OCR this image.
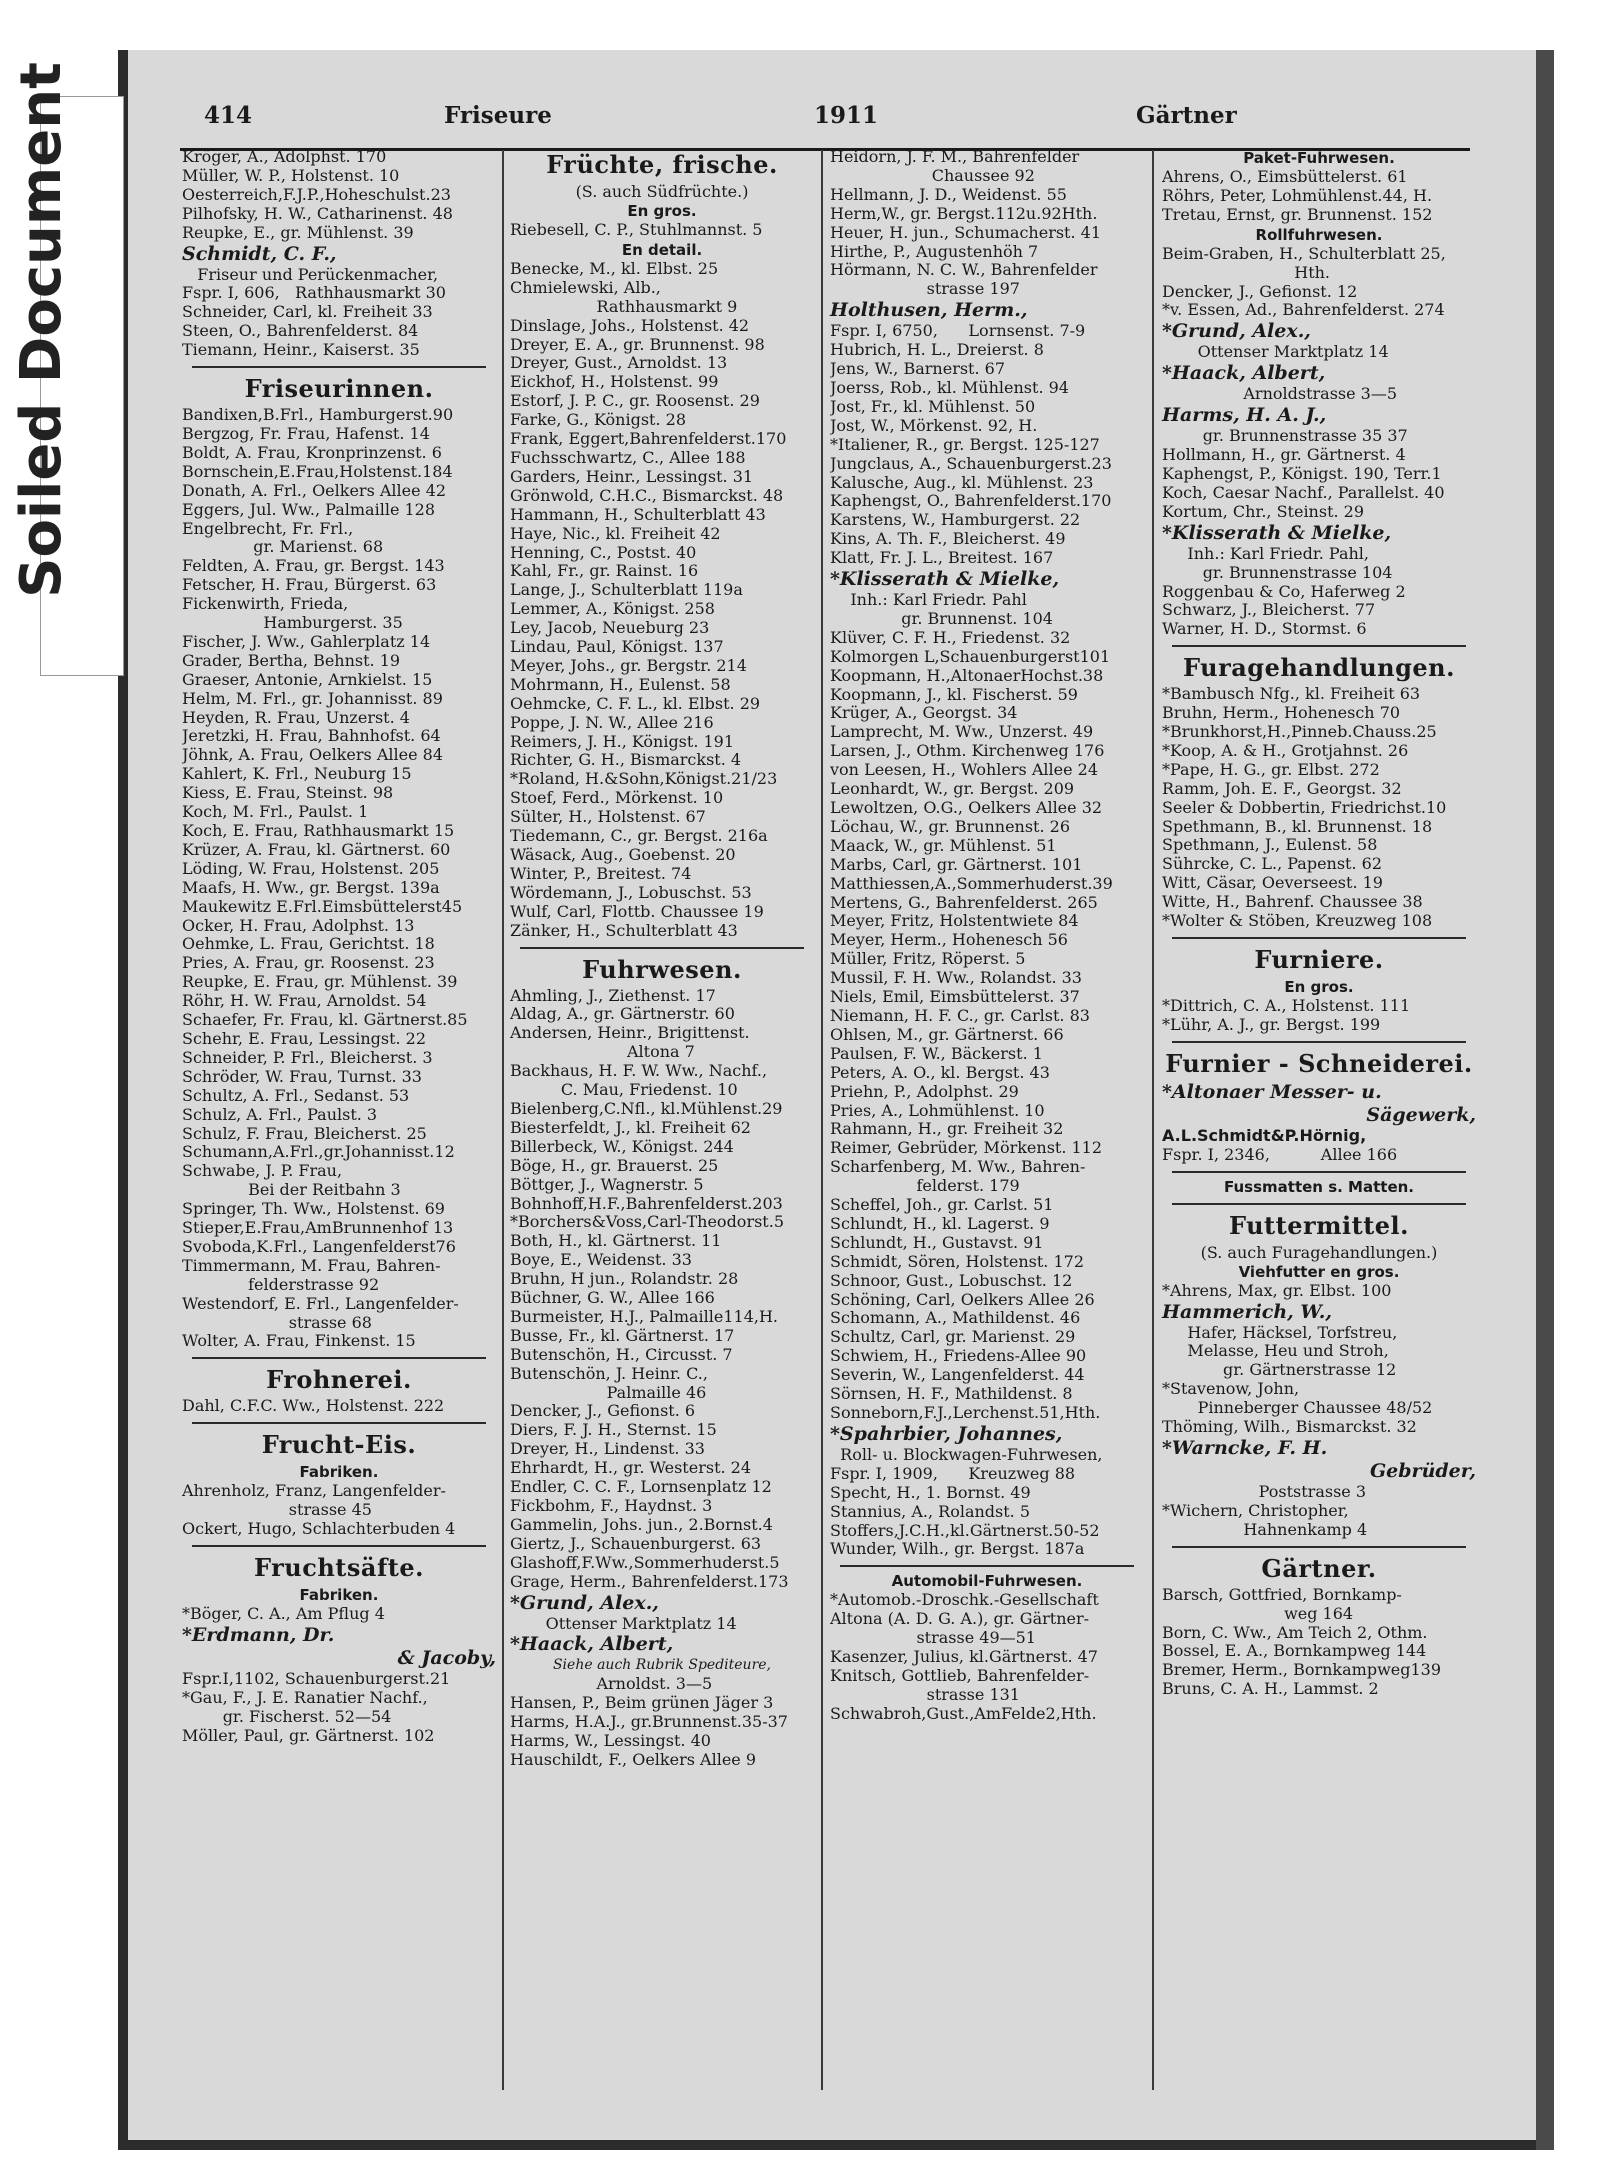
Soiled Document	414	Friseure	1911	Gärtner
Kröger, A., Adolphst. 170
Müller, W. P., Holstenst. 10
Oesterreich,F.J.P.,Hoheschulst.23
Pilhofsky, H. W., Catharinenst. 48
Reupke, E., gr. Mühlenst. 39
Schmidt, C. F.,
Friseur und Perückenmacher,
Fspr. I, 606,   Rathhausmarkt 30
Schneider, Carl, kl. Freiheit 33
Steen, O., Bahrenfelderst. 84
Tiemann, Heinr., Kaiserst. 35
Friseurinnen.
Bandixen,B.Frl., Hamburgerst.90
Bergzog, Fr. Frau, Hafenst. 14
Boldt, A. Frau, Kronprinzenst. 6
Bornschein,E.Frau,Holstenst.184
Donath, A. Frl., Oelkers Allee 42
Eggers, Jul. Ww., Palmaille 128
Engelbrecht, Fr. Frl.,
gr. Marienst. 68
Feldten, A. Frau, gr. Bergst. 143
Fetscher, H. Frau, Bürgerst. 63
Fickenwirth, Frieda,
Hamburgerst. 35
Fischer, J. Ww., Gahlerplatz 14
Grader, Bertha, Behnst. 19
Graeser, Antonie, Arnkielst. 15
Helm, M. Frl., gr. Johannisst. 89
Heyden, R. Frau, Unzerst. 4
Jeretzki, H. Frau, Bahnhofst. 64
Jöhnk, A. Frau, Oelkers Allee 84
Kahlert, K. Frl., Neuburg 15
Kiess, E. Frau, Steinst. 98
Koch, M. Frl., Paulst. 1
Koch, E. Frau, Rathhausmarkt 15
Krüzer, A. Frau, kl. Gärtnerst. 60
Löding, W. Frau, Holstenst. 205
Maafs, H. Ww., gr. Bergst. 139a
Maukewitz E.Frl.Eimsbüttelerst45
Ocker, H. Frau, Adolphst. 13
Oehmke, L. Frau, Gerichtst. 18
Pries, A. Frau, gr. Roosenst. 23
Reupke, E. Frau, gr. Mühlenst. 39
Röhr, H. W. Frau, Arnoldst. 54
Schaefer, Fr. Frau, kl. Gärtnerst.85
Schehr, E. Frau, Lessingst. 22
Schneider, P. Frl., Bleicherst. 3
Schröder, W. Frau, Turnst. 33
Schultz, A. Frl., Sedanst. 53
Schulz, A. Frl., Paulst. 3
Schulz, F. Frau, Bleicherst. 25
Schumann,A.Frl.,gr.Johannisst.12
Schwabe, J. P. Frau,
Bei der Reitbahn 3
Springer, Th. Ww., Holstenst. 69
Stieper,E.Frau,AmBrunnenhof 13
Svoboda,K.Frl., Langenfelderst76
Timmermann, M. Frau, Bahren-
felderstrasse 92
Westendorf, E. Frl., Langenfelder-
strasse 68
Wolter, A. Frau, Finkenst. 15
Frohnerei.
Dahl, C.F.C. Ww., Holstenst. 222
Frucht-Eis.
Fabriken.
Ahrenholz, Franz, Langenfelder-
strasse 45
Ockert, Hugo, Schlachterbuden 4
Fruchtsäfte.
Fabriken.
*Böger, C. A., Am Pflug 4
*Erdmann, Dr.
& Jacoby,
Fspr.I,1102, Schauenburgerst.21
*Gau, F., J. E. Ranatier Nachf.,
gr. Fischerst. 52—54
Möller, Paul, gr. Gärtnerst. 102
Früchte, frische.
(S. auch Südfrüchte.)
En gros.
Riebesell, C. P., Stuhlmannst. 5
En detail.
Benecke, M., kl. Elbst. 25
Chmielewski, Alb.,
Rathhausmarkt 9
Dinslage, Johs., Holstenst. 42
Dreyer, E. A., gr. Brunnenst. 98
Dreyer, Gust., Arnoldst. 13
Eickhof, H., Holstenst. 99
Estorf, J. P. C., gr. Roosenst. 29
Farke, G., Königst. 28
Frank, Eggert,Bahrenfelderst.170
Fuchsschwartz, C., Allee 188
Garders, Heinr., Lessingst. 31
Grönwold, C.H.C., Bismarckst. 48
Hammann, H., Schulterblatt 43
Haye, Nic., kl. Freiheit 42
Henning, C., Postst. 40
Kahl, Fr., gr. Rainst. 16
Lange, J., Schulterblatt 119a
Lemmer, A., Königst. 258
Ley, Jacob, Neueburg 23
Lindau, Paul, Königst. 137
Meyer, Johs., gr. Bergstr. 214
Mohrmann, H., Eulenst. 58
Oehmcke, C. F. L., kl. Elbst. 29
Poppe, J. N. W., Allee 216
Reimers, J. H., Königst. 191
Richter, G. H., Bismarckst. 4
*Roland, H.&Sohn,Königst.21/23
Stoef, Ferd., Mörkenst. 10
Sülter, H., Holstenst. 67
Tiedemann, C., gr. Bergst. 216a
Wäsack, Aug., Goebenst. 20
Winter, P., Breitest. 74
Wördemann, J., Lobuschst. 53
Wulf, Carl, Flottb. Chaussee 19
Zänker, H., Schulterblatt 43
Fuhrwesen.
Ahmling, J., Ziethenst. 17
Aldag, A., gr. Gärtnerstr. 60
Andersen, Heinr., Brigittenst.
Altona 7
Backhaus, H. F. W. Ww., Nachf.,
C. Mau, Friedenst. 10
Bielenberg,C.Nfl., kl.Mühlenst.29
Biesterfeldt, J., kl. Freiheit 62
Billerbeck, W., Königst. 244
Böge, H., gr. Brauerst. 25
Böttger, J., Wagnerstr. 5
Bohnhoff,H.F.,Bahrenfelderst.203
*Borchers&Voss,Carl-Theodorst.5
Both, H., kl. Gärtnerst. 11
Boye, E., Weidenst. 33
Bruhn, H jun., Rolandstr. 28
Büchner, G. W., Allee 166
Burmeister, H.J., Palmaille114,H.
Busse, Fr., kl. Gärtnerst. 17
Butenschön, H., Circusst. 7
Butenschön, J. Heinr. C.,
Palmaille 46
Dencker, J., Gefionst. 6
Diers, F. J. H., Sternst. 15
Dreyer, H., Lindenst. 33
Ehrhardt, H., gr. Westerst. 24
Endler, C. C. F., Lornsenplatz 12
Fickbohm, F., Haydnst. 3
Gammelin, Johs. jun., 2.Bornst.4
Giertz, J., Schauenburgerst. 63
Glashoff,F.Ww.,Sommerhuderst.5
Grage, Herm., Bahrenfelderst.173
*Grund, Alex.,
Ottenser Marktplatz 14
*Haack, Albert,
Siehe auch Rubrik Spediteure,
Arnoldst. 3—5
Hansen, P., Beim grünen Jäger 3
Harms, H.A.J., gr.Brunnenst.35-37
Harms, W., Lessingst. 40
Hauschildt, F., Oelkers Allee 9
Heidorn, J. F. M., Bahrenfelder
Chaussee 92
Hellmann, J. D., Weidenst. 55
Herm,W., gr. Bergst.112u.92Hth.
Heuer, H. jun., Schumacherst. 41
Hirthe, P., Augustenhöh 7
Hörmann, N. C. W., Bahrenfelder
strasse 197
Holthusen, Herm.,
Fspr. I, 6750,      Lornsenst. 7-9
Hubrich, H. L., Dreierst. 8
Jens, W., Barnerst. 67
Joerss, Rob., kl. Mühlenst. 94
Jost, Fr., kl. Mühlenst. 50
Jost, W., Mörkenst. 92, H.
*Italiener, R., gr. Bergst. 125-127
Jungclaus, A., Schauenburgerst.23
Kalusche, Aug., kl. Mühlenst. 23
Kaphengst, O., Bahrenfelderst.170
Karstens, W., Hamburgerst. 22
Kins, A. Th. F., Bleicherst. 49
Klatt, Fr. J. L., Breitest. 167
*Klisserath & Mielke,
Inh.: Karl Friedr. Pahl
gr. Brunnenst. 104
Klüver, C. F. H., Friedenst. 32
Kolmorgen L,Schauenburgerst101
Koopmann, H.,AltonaerHochst.38
Koopmann, J., kl. Fischerst. 59
Krüger, A., Georgst. 34
Lamprecht, M. Ww., Unzerst. 49
Larsen, J., Othm. Kirchenweg 176
von Leesen, H., Wohlers Allee 24
Leonhardt, W., gr. Bergst. 209
Lewoltzen, O.G., Oelkers Allee 32
Löchau, W., gr. Brunnenst. 26
Maack, W., gr. Mühlenst. 51
Marbs, Carl, gr. Gärtnerst. 101
Matthiessen,A.,Sommerhuderst.39
Mertens, G., Bahrenfelderst. 265
Meyer, Fritz, Holstentwiete 84
Meyer, Herm., Hohenesch 56
Müller, Fritz, Röperst. 5
Mussil, F. H. Ww., Rolandst. 33
Niels, Emil, Eimsbüttelerst. 37
Niemann, H. F. C., gr. Carlst. 83
Ohlsen, M., gr. Gärtnerst. 66
Paulsen, F. W., Bäckerst. 1
Peters, A. O., kl. Bergst. 43
Priehn, P., Adolphst. 29
Pries, A., Lohmühlenst. 10
Rahmann, H., gr. Freiheit 32
Reimer, Gebrüder, Mörkenst. 112
Scharfenberg, M. Ww., Bahren-
felderst. 179
Scheffel, Joh., gr. Carlst. 51
Schlundt, H., kl. Lagerst. 9
Schlundt, H., Gustavst. 91
Schmidt, Sören, Holstenst. 172
Schnoor, Gust., Lobuschst. 12
Schöning, Carl, Oelkers Allee 26
Schomann, A., Mathildenst. 46
Schultz, Carl, gr. Marienst. 29
Schwiem, H., Friedens-Allee 90
Severin, W., Langenfelderst. 44
Sörnsen, H. F., Mathildenst. 8
Sonneborn,F.J.,Lerchenst.51,Hth.
*Spahrbier, Johannes,
Roll- u. Blockwagen-Fuhrwesen,
Fspr. I, 1909,      Kreuzweg 88
Specht, H., 1. Bornst. 49
Stannius, A., Rolandst. 5
Stoffers,J.C.H.,kl.Gärtnerst.50-52
Wunder, Wilh., gr. Bergst. 187a
Automobil-Fuhrwesen.
*Automob.-Droschk.-Gesellschaft
Altona (A. D. G. A.), gr. Gärtner-
strasse 49—51
Kasenzer, Julius, kl.Gärtnerst. 47
Knitsch, Gottlieb, Bahrenfelder-
strasse 131
Schwabroh,Gust.,AmFelde2,Hth.
Paket-Fuhrwesen.
Ahrens, O., Eimsbüttelerst. 61
Röhrs, Peter, Lohmühlenst.44, H.
Tretau, Ernst, gr. Brunnenst. 152
Rollfuhrwesen.
Beim-Graben, H., Schulterblatt 25,
Hth.
Dencker, J., Gefionst. 12
*v. Essen, Ad., Bahrenfelderst. 274
*Grund, Alex.,
Ottenser Marktplatz 14
*Haack, Albert,
Arnoldstrasse 3—5
Harms, H. A. J.,
gr. Brunnenstrasse 35 37
Hollmann, H., gr. Gärtnerst. 4
Kaphengst, P., Königst. 190, Terr.1
Koch, Caesar Nachf., Parallelst. 40
Kortum, Chr., Steinst. 29
*Klisserath & Mielke,
Inh.: Karl Friedr. Pahl,
gr. Brunnenstrasse 104
Roggenbau & Co, Haferweg 2
Schwarz, J., Bleicherst. 77
Warner, H. D., Stormst. 6
Furagehandlungen.
*Bambusch Nfg., kl. Freiheit 63
Bruhn, Herm., Hohenesch 70
*Brunkhorst,H.,Pinneb.Chauss.25
*Koop, A. & H., Grotjahnst. 26
*Pape, H. G., gr. Elbst. 272
Ramm, Joh. E. F., Georgst. 32
Seeler & Dobbertin, Friedrichst.10
Spethmann, B., kl. Brunnenst. 18
Spethmann, J., Eulenst. 58
Sührcke, C. L., Papenst. 62
Witt, Cäsar, Oeverseest. 19
Witte, H., Bahrenf. Chaussee 38
*Wolter & Stöben, Kreuzweg 108
Furniere.
En gros.
*Dittrich, C. A., Holstenst. 111
*Lühr, A. J., gr. Bergst. 199
Furnier - Schneiderei.
*Altonaer Messer- u.
Sägewerk,
A.L.Schmidt&P.Hörnig,
Fspr. I, 2346,          Allee 166
Fussmatten s. Matten.
Futtermittel.
(S. auch Furagehandlungen.)
Viehfutter en gros.
*Ahrens, Max, gr. Elbst. 100
Hammerich, W.,
Hafer, Häcksel, Torfstreu,
Melasse, Heu und Stroh,
gr. Gärtnerstrasse 12
*Stavenow, John,
Pinneberger Chaussee 48/52
Thöming, Wilh., Bismarckst. 32
*Warncke, F. H.
Gebrüder,
Poststrasse 3
*Wichern, Christopher,
Hahnenkamp 4
Gärtner.
Barsch, Gottfried, Bornkamp-
weg 164
Born, C. Ww., Am Teich 2, Othm.
Bossel, E. A., Bornkampweg 144
Bremer, Herm., Bornkampweg139
Bruns, C. A. H., Lammst. 2
